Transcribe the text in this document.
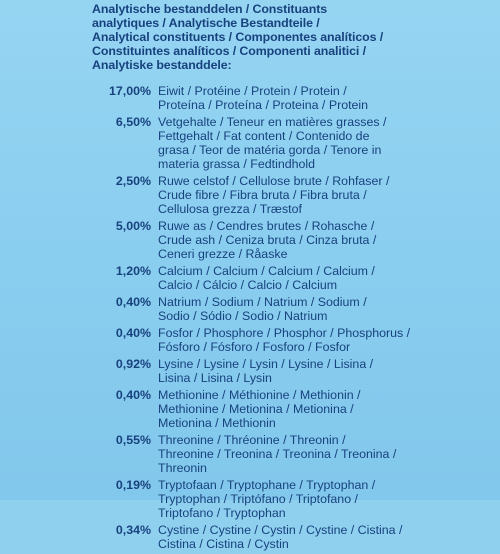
Analytische bestanddelen / Constituants
analytiques / Analytische Bestandteile /
Analytical constituents / Componentes analíticos /
Constituintes analíticos / Componenti analitici /
Analytiske bestanddele:
17,00% Eiwit / Protéine / Protein / Protein /
Proteína / Proteína / Proteina / Protein
6,50% Vetgehalte / Teneur en matières grasses /
Fettgehalt / Fat content / Contenido de
grasa / Teor de matéria gorda / Tenore in
materia grassa / Fedtindhold
2,50% Ruwe celstof / Cellulose brute / Rohfaser /
Crude fibre / Fibra bruta / Fibra bruta /
Cellulosa grezza / Træstof
5,00% Ruwe as / Cendres brutes / Rohasche /
Crude ash / Ceniza bruta / Cinza bruta /
Ceneri grezze / Råaske
1,20% Calcium / Calcium / Calcium / Calcium /
Calcio / Cálcio / Calcio / Calcium
0,40% Natrium / Sodium / Natrium / Sodium /
Sodio / Sódio / Sodio / Natrium
0,40% Fosfor / Phosphore / Phosphor / Phosphorus /
Fósforo / Fósforo / Fosforo / Fosfor
0,92% Lysine / Lysine / Lysin / Lysine / Lisina /
Lisina / Lisina / Lysin
0,40% Methionine / Méthionine / Methionin /
Methionine / Metionina / Metionina /
Metionina / Methionin
0,55% Threonine / Thréonine / Threonin /
Threonine / Treonina / Treonina / Treonina /
Threonin
0,19% Tryptofaan / Tryptophane / Tryptophan /
Tryptophan / Triptófano / Triptofano /
Triptofano / Tryptophan
0,34% Cystine / Cystine / Cystin / Cystine / Cistina /
Cistina / Cistina / Cystin
